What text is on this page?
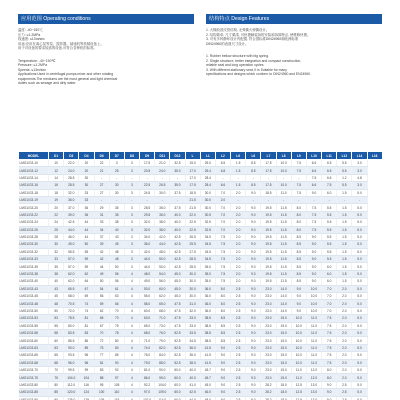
应用范围 Operating conditions
温度: -40~150℃
压力: ≤1.2MPa
线速度: ≤13m/sec
用途:应用在离心泵等泵、搅拌器、减速机等机械设备上。
用于对设备的要求较高的设备,可符合各种机的标准。
Temperature: -40~150℃
Pressure: ≤1.2MPa
Speeds: ≤13m/sec
Applications:Used in centrifugal pumps,mixer and other rotating
equipments.The mediums are the most general and light chemical
duties such as sewage and dirty water.
结构特点 Design Features
1. 大橡胶波纹管结构, 无弹簧大弹簧设计。
2. 结构简单, 尺寸紧凑, 可快捷瞬装拆的安装和拆卸特点, 使维修快捷。
3. 可有多种静环设计有配置, 符合国标准DIN24960和欧洲标准
DIN24960的表面尺寸设计。
1. Rubber bellow structure with big spring.
2. Single structure, better integration and compact construction,
reliable seal and long operation cycles.
3. With different stationary seat, it is Suitable for many
specifications and designs which conform to DIN24960 and EN24960.
MODEL	D1	D3	D4	D6	D7	D8	D9	D11	D12	L	L1	L2	L6	L6	L7	L8	L9	L10	L11	L12	L14	L16
LMG1/G3-10	10	22.0	20	22	3	3	17.5	21.0	32.5	15.0	25.0	6.5	1.5	8.5	17.5	10.0	7.5	6.6	6.5	5.5	3.0	
LMG1/G3-12	12	24.0	20	21	25	3	20.5	24.0	35.0	17.0	25.4	6.8	1.5	8.5	17.5	10.0	7.5	6.6	6.5	5.5	3.0	
LMG1/G3-14	14	28.5	30	-	-	-	-	-	-	17.0	28.4	-	-	-	-	-	-	7.5	6.6	1.2	4.8	
LMG1/G3-16	16	28.5	30	27	30	3	22.5	26.5	35.0	17.5	28.4	6.6	1.5	8.5	17.5	10.0	7.5	6.6	7.5	5.5	3.0	
LMG1/G3-18	18	32.0	33	27	30	3	24.5	30.0	37.5	18.5	30.0	7.0	2.0	9.0	18.5	11.0	7.5	9.0	6.0	1.5	5.0	
LMG1/G3-19	19	36.0	33	-	-	-	-	-	-	21.5	30.0	2.0	-	-	-	-	-	-	-	-	-	
LMG1/G3-20	20	37.0	36	29	35	3	28.5	35.0	37.5	21.5	30.0	7.0	2.0	9.0	19.5	11.5	8.0	7.5	5.5	1.5	5.0	
LMG1/G3-22	22	39.0	36	31	35	3	29.5	36.0	40.0	22.0	30.5	7.0	2.0	9.0	19.5	11.5	8.0	7.5	5.5	1.5	5.0	
LMG1/G3-24	24	42.5	44	33	38	3	32.0	38.0	40.0	22.5	32.5	7.0	2.0	9.0	19.5	11.5	8.0	7.5	5.5	1.5	5.0	
LMG1/G3-25	25	44.0	44	34	40	3	32.0	38.0	40.0	22.5	32.5	7.0	2.0	9.0	19.5	11.5	8.0	7.5	5.5	1.5	5.0	
LMG1/G3-28	28	46.0	44	37	43	3	34.0	42.0	42.5	26.5	34.5	7.5	2.0	9.0	19.5	11.5	8.5	9.0	5.5	1.5	5.0	
LMG1/G3-30	30	49.0	50	39	45	3	36.0	44.0	42.5	25.5	34.5	7.5	2.0	9.0	19.5	11.5	8.5	9.0	5.5	1.5	5.0	
LMG1/G3-32	32	55.5	55	42	48	3	42.0	48.0	42.5	27.5	34.5	7.5	2.0	9.0	19.5	11.5	8.5	9.0	5.5	1.5	5.0	
LMG1/G3-33	33	57.0	59	42	48	3	44.0	50.0	42.5	28.5	34.5	7.5	2.0	9.0	19.5	11.5	8.5	9.0	5.5	1.5	5.0	
LMG1/G3-35	35	57.0	59	44	50	3	44.0	50.0	42.5	28.5	35.0	7.5	2.0	9.0	19.5	11.5	8.5	9.0	6.0	1.5	5.0	
LMG1/G3-38	38	62.0	62	49	56	4	48.0	54.0	45.0	30.0	35.0	7.5	2.0	9.0	19.5	11.5	8.5	9.0	6.0	1.5	5.0	
LMG1/G3-40	40	62.0	64	50	56	4	49.0	56.0	45.0	30.0	35.0	7.5	2.0	9.0	19.5	11.5	8.5	9.0	6.0	1.5	5.0	
LMG1/G3-43	43	65.5	67	54	61	4	53.0	60.0	45.0	30.0	36.0	8.0	2.5	9.0	23.0	14.0	9.0	10.0	7.0	2.0	5.0	
LMG1/G3-45	45	68.0	69	56	63	4	55.0	62.0	45.0	30.0	36.0	8.0	2.5	9.0	23.0	14.0	9.0	10.0	7.0	2.0	5.0	
LMG1/G3-48	48	70.5	74	59	66	4	58.0	65.0	47.5	31.0	36.0	8.0	2.5	9.0	23.0	14.0	9.0	10.0	7.0	2.0	5.0	
LMG1/G3-50	50	72.0	74	62	70	4	60.0	68.0	47.5	32.0	36.0	8.0	2.5	9.0	23.0	14.0	9.0	10.0	7.0	2.0	5.0	
LMG1/G3-53	53	78.5	81	65	73	4	63.0	71.0	47.5	33.0	38.5	8.5	2.5	9.0	23.0	15.0	10.0	11.0	7.5	2.0	5.0	
LMG1/G3-55	55	80.0	81	67	75	4	65.0	73.0	47.5	33.0	38.5	8.5	2.5	9.0	23.0	15.0	10.0	11.0	7.5	2.0	5.0	
LMG1/G3-58	58	83.5	83	70	78	4	68.0	76.0	52.5	33.5	38.5	8.5	2.5	9.0	23.0	15.0	10.0	11.0	7.5	2.0	5.0	
LMG1/G3-60	60	85.5	86	72	80	4	71.0	79.0	52.5	34.5	38.5	8.5	2.5	9.0	23.0	15.0	10.0	11.0	7.5	2.0	5.0	
LMG1/G3-63	63	90.0	89	75	83	4	74.0	82.0	52.5	36.0	41.5	9.0	2.5	9.0	23.0	15.0	10.0	11.0	7.5	2.0	5.0	
LMG1/G3-65	65	93.5	96	77	85	4	76.0	84.0	52.5	36.0	41.5	9.0	2.5	9.0	23.0	15.0	10.0	11.0	7.5	2.0	5.0	
LMG1/G3-68	68	96.0	96	81	90	4	79.0	88.0	52.5	38.0	41.5	9.0	2.5	9.0	23.0	15.0	10.0	11.0	7.5	2.0	5.0	
LMG1/G3-70	70	99.5	99	83	92	4	81.0	90.0	60.0	40.0	45.7	9.0	2.5	9.0	23.0	15.0	11.0	12.0	8.0	2.0	5.0	
LMG1/G3-75	75	104.0	104	88	97	4	86.0	95.0	60.0	40.0	45.7	9.0	2.5	9.0	23.0	15.0	11.0	12.0	8.0	2.0	5.0	
LMG1/G3-80	80	112.0	116	95	105	4	92.2	104.0	60.0	41.0	45.0	9.0	2.5	9.0	28.2	18.0	12.5	13.0	9.0	2.5	5.0	
LMG1/G3-85	85	120.0	124	100	110	4	97.0	109.0	60.0	42.5	46.0	9.0	2.5	9.0	28.2	18.0	12.5	13.0	9.0	2.5	5.0	
LMG1/G3-90	90	125.0	129	105	115	4	102.0	114.0	60.0	44.0	48.0	9.0	2.5	9.0	28.2	18.0	12.5	13.0	9.0	2.5	5.0	
